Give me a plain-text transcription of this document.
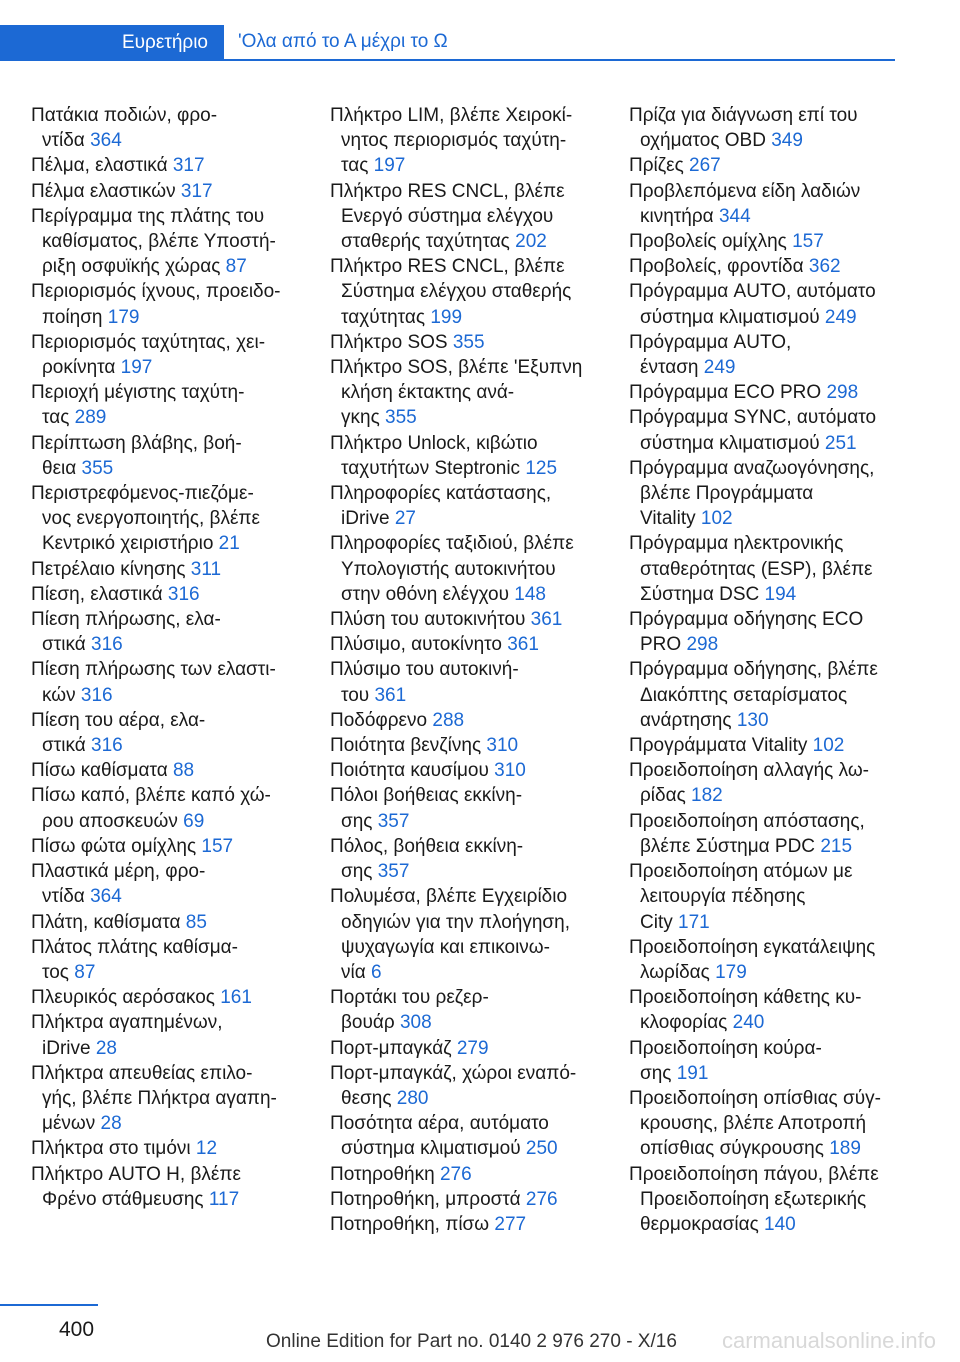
Ευρετήριο	'Ολα από το Α μέχρι το Ω
Πατάκια ποδιών, φρο‐
ντίδα 364
Πέλμα, ελαστικά 317
Πέλμα ελαστικών 317
Περίγραμμα της πλάτης του
καθίσματος, βλέπε Υποστή‐
ριξη οσφυϊκής χώρας 87
Περιορισμός ίχνους, προειδο‐
ποίηση 179
Περιορισμός ταχύτητας, χει‐
ροκίνητα 197
Περιοχή μέγιστης ταχύτη‐
τας 289
Περίπτωση βλάβης, βοή‐
θεια 355
Περιστρεφόμενος-πιεζόμε‐
νος ενεργοποιητής, βλέπε
Κεντρικό χειριστήριο 21
Πετρέλαιο κίνησης 311
Πίεση, ελαστικά 316
Πίεση πλήρωσης, ελα‐
στικά 316
Πίεση πλήρωσης των ελαστι‐
κών 316
Πίεση του αέρα, ελα‐
στικά 316
Πίσω καθίσματα 88
Πίσω καπό, βλέπε καπό χώ‐
ρου αποσκευών 69
Πίσω φώτα ομίχλης 157
Πλαστικά μέρη, φρο‐
ντίδα 364
Πλάτη, καθίσματα 85
Πλάτος πλάτης καθίσμα‐
τος 87
Πλευρικός αερόσακος 161
Πλήκτρα αγαπημένων,
iDrive 28
Πλήκτρα απευθείας επιλο‐
γής, βλέπε Πλήκτρα αγαπη‐
μένων 28
Πλήκτρα στο τιμόνι 12
Πλήκτρο AUTO H, βλέπε
Φρένο στάθμευσης 117
Πλήκτρο LIM, βλέπε Χειροκί‐
νητος περιορισμός ταχύτη‐
τας 197
Πλήκτρο RES CNCL, βλέπε
Ενεργό σύστημα ελέγχου
σταθερής ταχύτητας 202
Πλήκτρο RES CNCL, βλέπε
Σύστημα ελέγχου σταθερής
ταχύτητας 199
Πλήκτρο SOS 355
Πλήκτρο SOS, βλέπε 'Εξυπνη
κλήση έκτακτης ανά‐
γκης 355
Πλήκτρο Unlock, κιβώτιο
ταχυτήτων Steptronic 125
Πληροφορίες κατάστασης,
iDrive 27
Πληροφορίες ταξιδιού, βλέπε
Υπολογιστής αυτοκινήτου
στην οθόνη ελέγχου 148
Πλύση του αυτοκινήτου 361
Πλύσιμο, αυτοκίνητο 361
Πλύσιμο του αυτοκινή‐
του 361
Ποδόφρενο 288
Ποιότητα βενζίνης 310
Ποιότητα καυσίμου 310
Πόλοι βοήθειας εκκίνη‐
σης 357
Πόλος, βοήθεια εκκίνη‐
σης 357
Πολυμέσα, βλέπε Εγχειρίδιο
οδηγιών για την πλοήγηση,
ψυχαγωγία και επικοινω‐
νία 6
Πορτάκι του ρεζερ‐
βουάρ 308
Πορτ-μπαγκάζ 279
Πορτ-μπαγκάζ, χώροι εναπό‐
θεσης 280
Ποσότητα αέρα, αυτόματο
σύστημα κλιματισμού 250
Ποτηροθήκη 276
Ποτηροθήκη, μπροστά 276
Ποτηροθήκη, πίσω 277
Πρίζα για διάγνωση επί του
οχήματος OBD 349
Πρίζες 267
Προβλεπόμενα είδη λαδιών
κινητήρα 344
Προβολείς ομίχλης 157
Προβολείς, φροντίδα 362
Πρόγραμμα AUTO, αυτόματο
σύστημα κλιματισμού 249
Πρόγραμμα AUTO,
ένταση 249
Πρόγραμμα ECO PRO 298
Πρόγραμμα SYNC, αυτόματο
σύστημα κλιματισμού 251
Πρόγραμμα αναζωογόνησης,
βλέπε Προγράμματα
Vitality 102
Πρόγραμμα ηλεκτρονικής
σταθερότητας (ESP), βλέπε
Σύστημα DSC 194
Πρόγραμμα οδήγησης ECO
PRO 298
Πρόγραμμα οδήγησης, βλέπε
Διακόπτης σεταρίσματος
ανάρτησης 130
Προγράμματα Vitality 102
Προειδοποίηση αλλαγής λω‐
ρίδας 182
Προειδοποίηση απόστασης,
βλέπε Σύστημα PDC 215
Προειδοποίηση ατόμων με
λειτουργία πέδησης
City 171
Προειδοποίηση εγκατάλειψης
λωρίδας 179
Προειδοποίηση κάθετης κυ‐
κλοφορίας 240
Προειδοποίηση κούρα‐
σης 191
Προειδοποίηση οπίσθιας σύγ‐
κρουσης, βλέπε Αποτροπή
οπίσθιας σύγκρουσης 189
Προειδοποίηση πάγου, βλέπε
Προειδοποίηση εξωτερικής
θερμοκρασίας 140
400
Online Edition for Part no. 0140 2 976 270 - X/16 carmanualsonline.info
